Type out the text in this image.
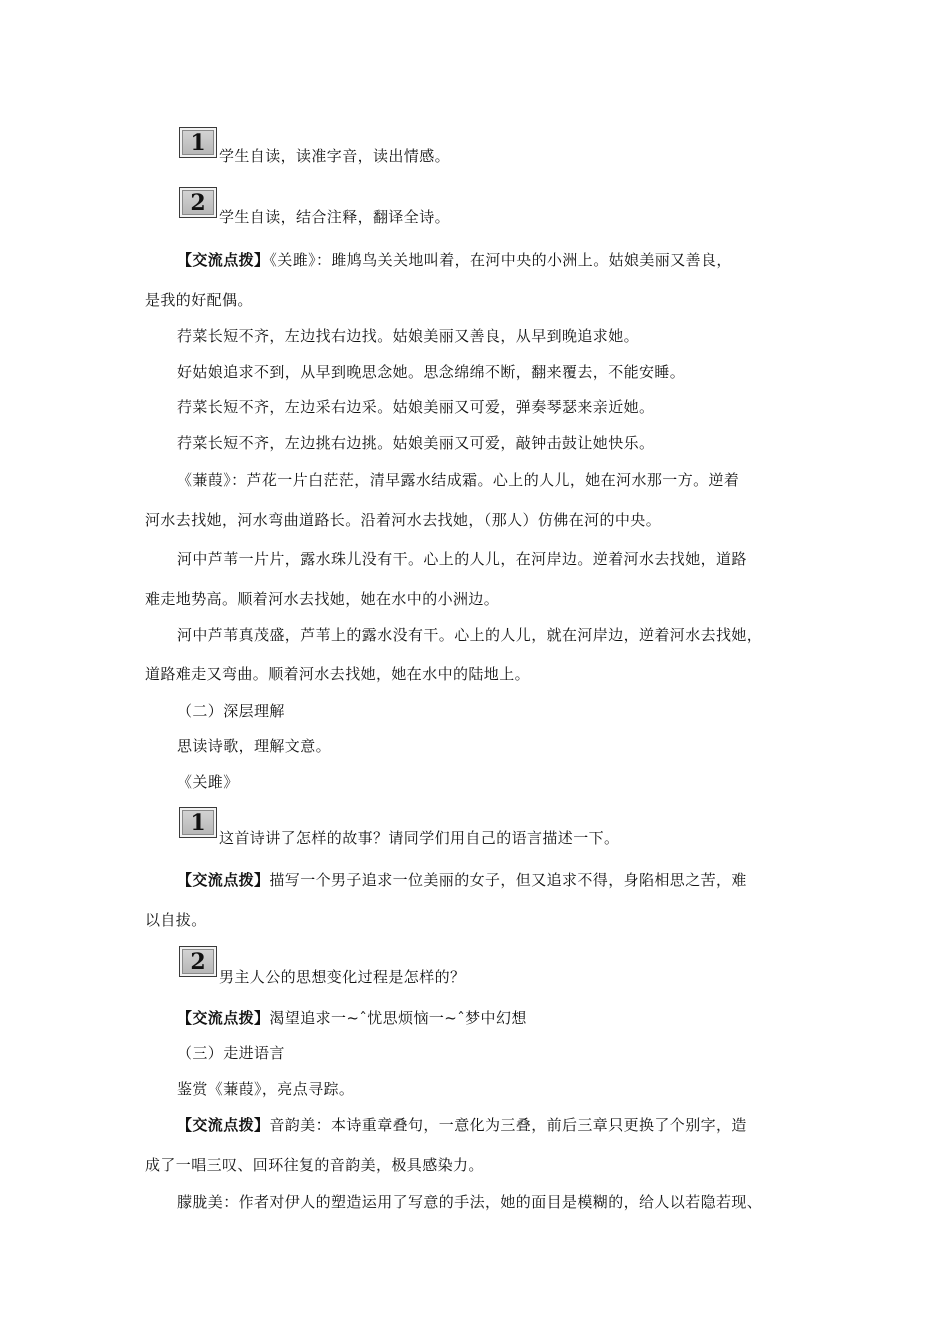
1
学生自读，读准字音，读出情感。
2
学生自读，结合注释，翻译全诗。
【交流点拨】《关雎》：雎鸠鸟关关地叫着，在河中央的小洲上。姑娘美丽又善良，
是我的好配偶。
荇菜长短不齐，左边找右边找。姑娘美丽又善良，从早到晚追求她。
好姑娘追求不到，从早到晚思念她。思念绵绵不断，翻来覆去，不能安睡。
荇菜长短不齐，左边采右边采。姑娘美丽又可爱，弹奏琴瑟来亲近她。
荇菜长短不齐，左边挑右边挑。姑娘美丽又可爱，敲钟击鼓让她快乐。
《蒹葭》：芦花一片白茫茫，清早露水结成霜。心上的人儿，她在河水那一方。逆着
河水去找她，河水弯曲道路长。沿着河水去找她，（那人）仿佛在河的中央。
河中芦苇一片片，露水珠儿没有干。心上的人儿，在河岸边。逆着河水去找她，道路
难走地势高。顺着河水去找她，她在水中的小洲边。
河中芦苇真茂盛，芦苇上的露水没有干。心上的人儿，就在河岸边，逆着河水去找她，
道路难走又弯曲。顺着河水去找她，她在水中的陆地上。
（二）深层理解
思读诗歌，理解文意。
《关雎》
1
这首诗讲了怎样的故事？请同学们用自己的语言描述一下。
【交流点拨】描写一个男子追求一位美丽的女子，但又追求不得，身陷相思之苦，难
以自拔。
2
男主人公的思想变化过程是怎样的？
【交流点拨】渴望追求一~ˆ忧思烦恼一~ˆ梦中幻想
（三）走进语言
鉴赏《蒹葭》，亮点寻踪。
【交流点拨】音韵美：本诗重章叠句，一意化为三叠，前后三章只更换了个别字，造
成了一唱三叹、回环往复的音韵美，极具感染力。
朦胧美：作者对伊人的塑造运用了写意的手法，她的面目是模糊的，给人以若隐若现、
